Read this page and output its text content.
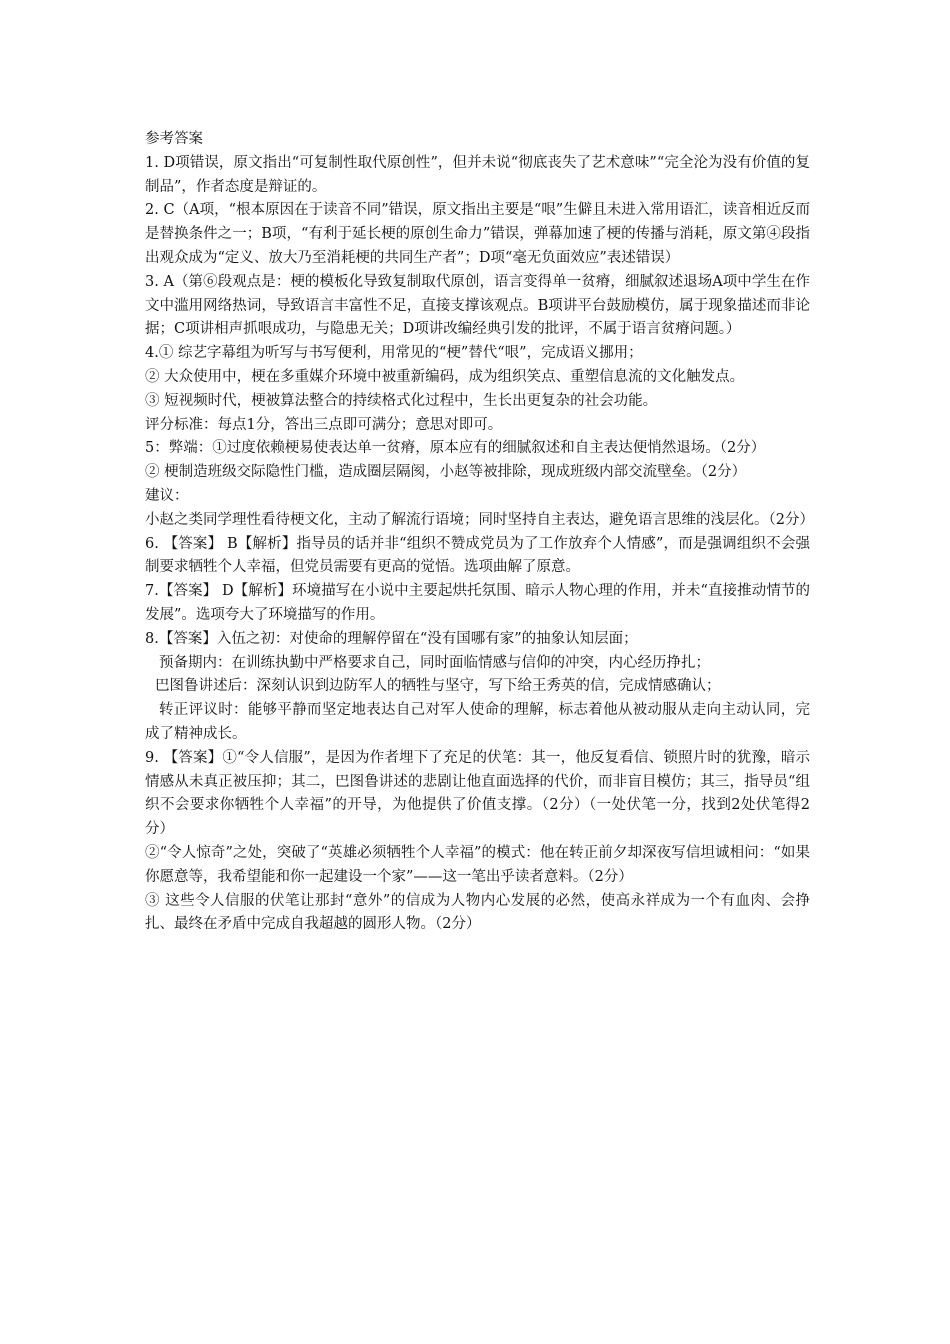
参考答案

1. D项错误，原文指出“可复制性取代原创性”，但并未说“彻底丧失了艺术意味”“完全沦为没有价值的复制品”，作者态度是辩证的。

2. C（A项，“根本原因在于读音不同”错误，原文指出主要是“哏”生僻且未进入常用语汇，读音相近反而是替换条件之一；B项，“有利于延长梗的原创生命力”错误，弹幕加速了梗的传播与消耗，原文第④段指出观众成为“定义、放大乃至消耗梗的共同生产者”；D项“毫无负面效应”表述错误）

3. A（第⑥段观点是：梗的模板化导致复制取代原创，语言变得单一贫瘠，细腻叙述退场A项中学生在作文中滥用网络热词，导致语言丰富性不足，直接支撑该观点。B项讲平台鼓励模仿，属于现象描述而非论据；C项讲相声抓哏成功，与隐患无关；D项讲改编经典引发的批评，不属于语言贫瘠问题。）

4.① 综艺字幕组为听写与书写便利，用常见的“梗”替代“哏”，完成语义挪用；

② 大众使用中，梗在多重媒介环境中被重新编码，成为组织笑点、重塑信息流的文化触发点。

③ 短视频时代，梗被算法整合的持续格式化过程中，生长出更复杂的社会功能。

评分标准：每点1分，答出三点即可满分；意思对即可。

5：弊端：①过度依赖梗易使表达单一贫瘠，原本应有的细腻叙述和自主表达便悄然退场。（2分）

② 梗制造班级交际隐性门槛，造成圈层隔阂，小赵等被排除，现成班级内部交流壁垒。（2分）

建议：

小赵之类同学理性看待梗文化，主动了解流行语境；同时坚持自主表达，避免语言思维的浅层化。（2分）

6. 【答案】 B【解析】指导员的话并非“组织不赞成党员为了工作放弃个人情感”，而是强调组织不会强制要求牺牲个人幸福，但党员需要有更高的觉悟。选项曲解了原意。

7.【答案】 D【解析】环境描写在小说中主要起烘托氛围、暗示人物心理的作用，并未“直接推动情节的发展”。选项夸大了环境描写的作用。

8.【答案】入伍之初：对使命的理解停留在“没有国哪有家”的抽象认知层面；

预备期内：在训练执勤中严格要求自己，同时面临情感与信仰的冲突，内心经历挣扎；

巴图鲁讲述后：深刻认识到边防军人的牺牲与坚守，写下给王秀英的信，完成情感确认；

转正评议时：能够平静而坚定地表达自己对军人使命的理解，标志着他从被动服从走向主动认同，完成了精神成长。

9. 【答案】①“令人信服”，是因为作者埋下了充足的伏笔：其一，他反复看信、锁照片时的犹豫，暗示情感从未真正被压抑；其二，巴图鲁讲述的悲剧让他直面选择的代价，而非盲目模仿；其三，指导员“组织不会要求你牺牲个人幸福”的开导，为他提供了价值支撑。（2分）（一处伏笔一分，找到2处伏笔得2分）

②“令人惊奇”之处，突破了“英雄必须牺牲个人幸福”的模式：他在转正前夕却深夜写信坦诚相问：“如果你愿意等，我希望能和你一起建设一个家”——这一笔出乎读者意料。（2分）

③ 这些令人信服的伏笔让那封“意外”的信成为人物内心发展的必然，使高永祥成为一个有血肉、会挣扎、最终在矛盾中完成自我超越的圆形人物。（2分）
